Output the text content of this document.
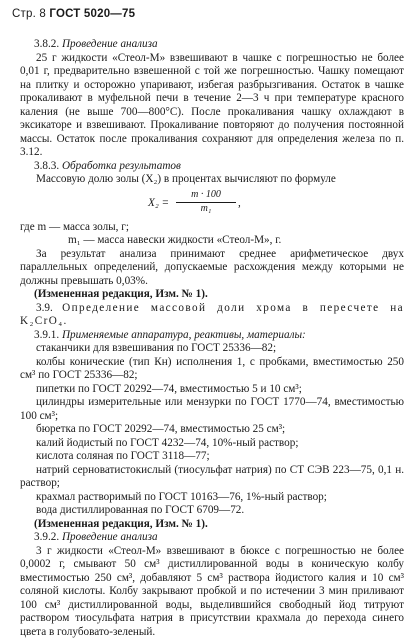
Стр. 8 ГОСТ 5020—75

3.8.2. Проведение анализа

25 г жидкости «Стеол-М» взвешивают в чашке с погрешностью не более 0,01 г, предварительно взвешенной с той же погрешностью. Чашку помещают на плитку и осторожно упаривают, избегая разбрызгивания. Остаток в чашке прокаливают в муфельной печи в течение 2—3 ч при температуре красного каления (не выше 700—800°С). После прокаливания чашку охлаждают в эксикаторе и взвешивают. Прокаливание повторяют до получения постоянной массы. Остаток после прокаливания сохраняют для определения железа по п. 3.12.

3.8.3. Обработка результатов

Массовую долю золы (X₂) в процентах вычисляют по формуле

$X_2 = \frac{m \cdot 100}{\text{m₁}}$ ,

где m — масса золы, г;

m₁ — масса навески жидкости «Стеол-М», г.

За результат анализа принимают среднее арифметическое двух параллельных определений, допускаемые расхождения между которыми не должны превышать 0,03%.

(Измененная редакция, Изм. № 1).

3.9. Определение массовой доли хрома в пересчете на K₂CrO₄.

3.9.1. Применяемые аппаратура, реактивы, материалы:

стаканчики для взвешивания по ГОСТ 25336—82;

колбы конические (тип Кн) исполнения 1, с пробками, вместимостью 250 см³ по ГОСТ 25336—82;

пипетки по ГОСТ 20292—74, вместимостью 5 и 10 см³;

цилиндры измерительные или мензурки по ГОСТ 1770—74, вместимостью 100 см³;

бюретка по ГОСТ 20292—74, вместимостью 25 см³;

калий йодистый по ГОСТ 4232—74, 10%-ный раствор;

кислота соляная по ГОСТ 3118—77;

натрий серноватистокислый (тиосульфат натрия) по СТ СЭВ 223—75, 0,1 н. раствор;

крахмал растворимый по ГОСТ 10163—76, 1%-ный раствор;

вода дистиллированная по ГОСТ 6709—72.

(Измененная редакция, Изм. № 1).

3.9.2. Проведение анализа

3 г жидкости «Стеол-М» взвешивают в бюксе с погрешностью не более 0,0002 г, смывают 50 см³ дистиллированной воды в коническую колбу вместимостью 250 см³, добавляют 5 см³ раствора йодистого калия и 10 см³ соляной кислоты. Колбу закрывают пробкой и по истечении 3 мин приливают 100 см³ дистиллированной воды, выделившийся свободный йод титруют раствором тиосульфата натрия в присутствии крахмала до перехода синего цвета в голубовато-зеленый.
